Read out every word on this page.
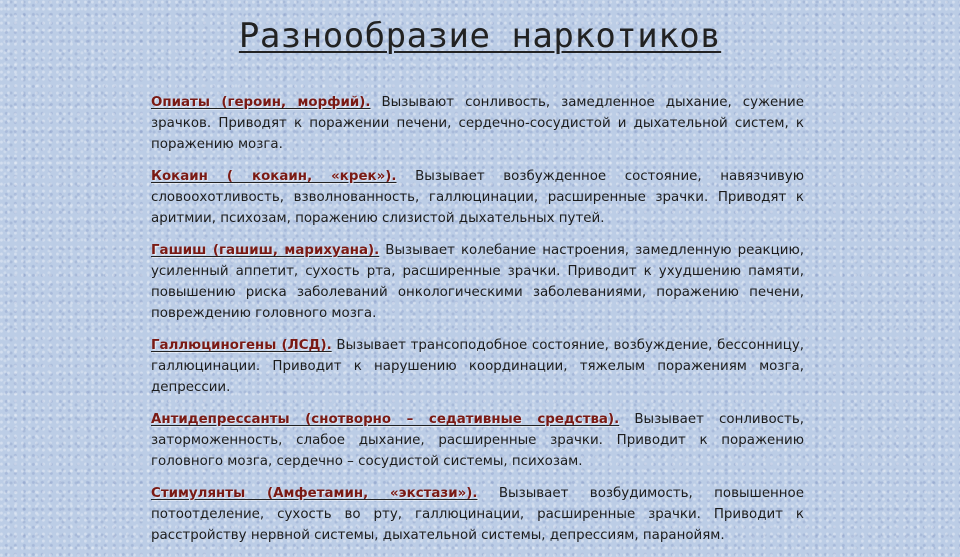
Разнообразие наркотиков

Опиаты (героин, морфий). Вызывают сонливость, замедленное дыхание, сужение зрачков. Приводят к поражении печени, сердечно-сосудистой и дыхательной систем, к поражению мозга.

Кокаин ( кокаин, «крек»). Вызывает возбужденное состояние, навязчивую словоохотливость, взволнованность, галлюцинации, расширенные зрачки. Приводят к аритмии, психозам, поражению слизистой дыхательных путей.

Гашиш (гашиш, марихуана). Вызывает колебание настроения, замедленную реакцию, усиленный аппетит, сухость рта, расширенные зрачки. Приводит к ухудшению памяти, повышению риска заболеваний онкологическими заболеваниями, поражению печени, повреждению головного мозга.

Галлюциногены (ЛСД). Вызывает трансоподобное состояние, возбуждение, бессонницу, галлюцинации. Приводит к нарушению координации, тяжелым поражениям мозга, депрессии.

Антидепрессанты (снотворно – седативные средства). Вызывает сонливость, заторможенность, слабое дыхание, расширенные зрачки. Приводит к поражению головного мозга, сердечно – сосудистой системы, психозам.

Стимулянты (Амфетамин, «экстази»). Вызывает возбудимость, повышенное потоотделение, сухость во рту, галлюцинации, расширенные зрачки. Приводит к расстройству нервной системы, дыхательной системы, депрессиям, паранойям.
